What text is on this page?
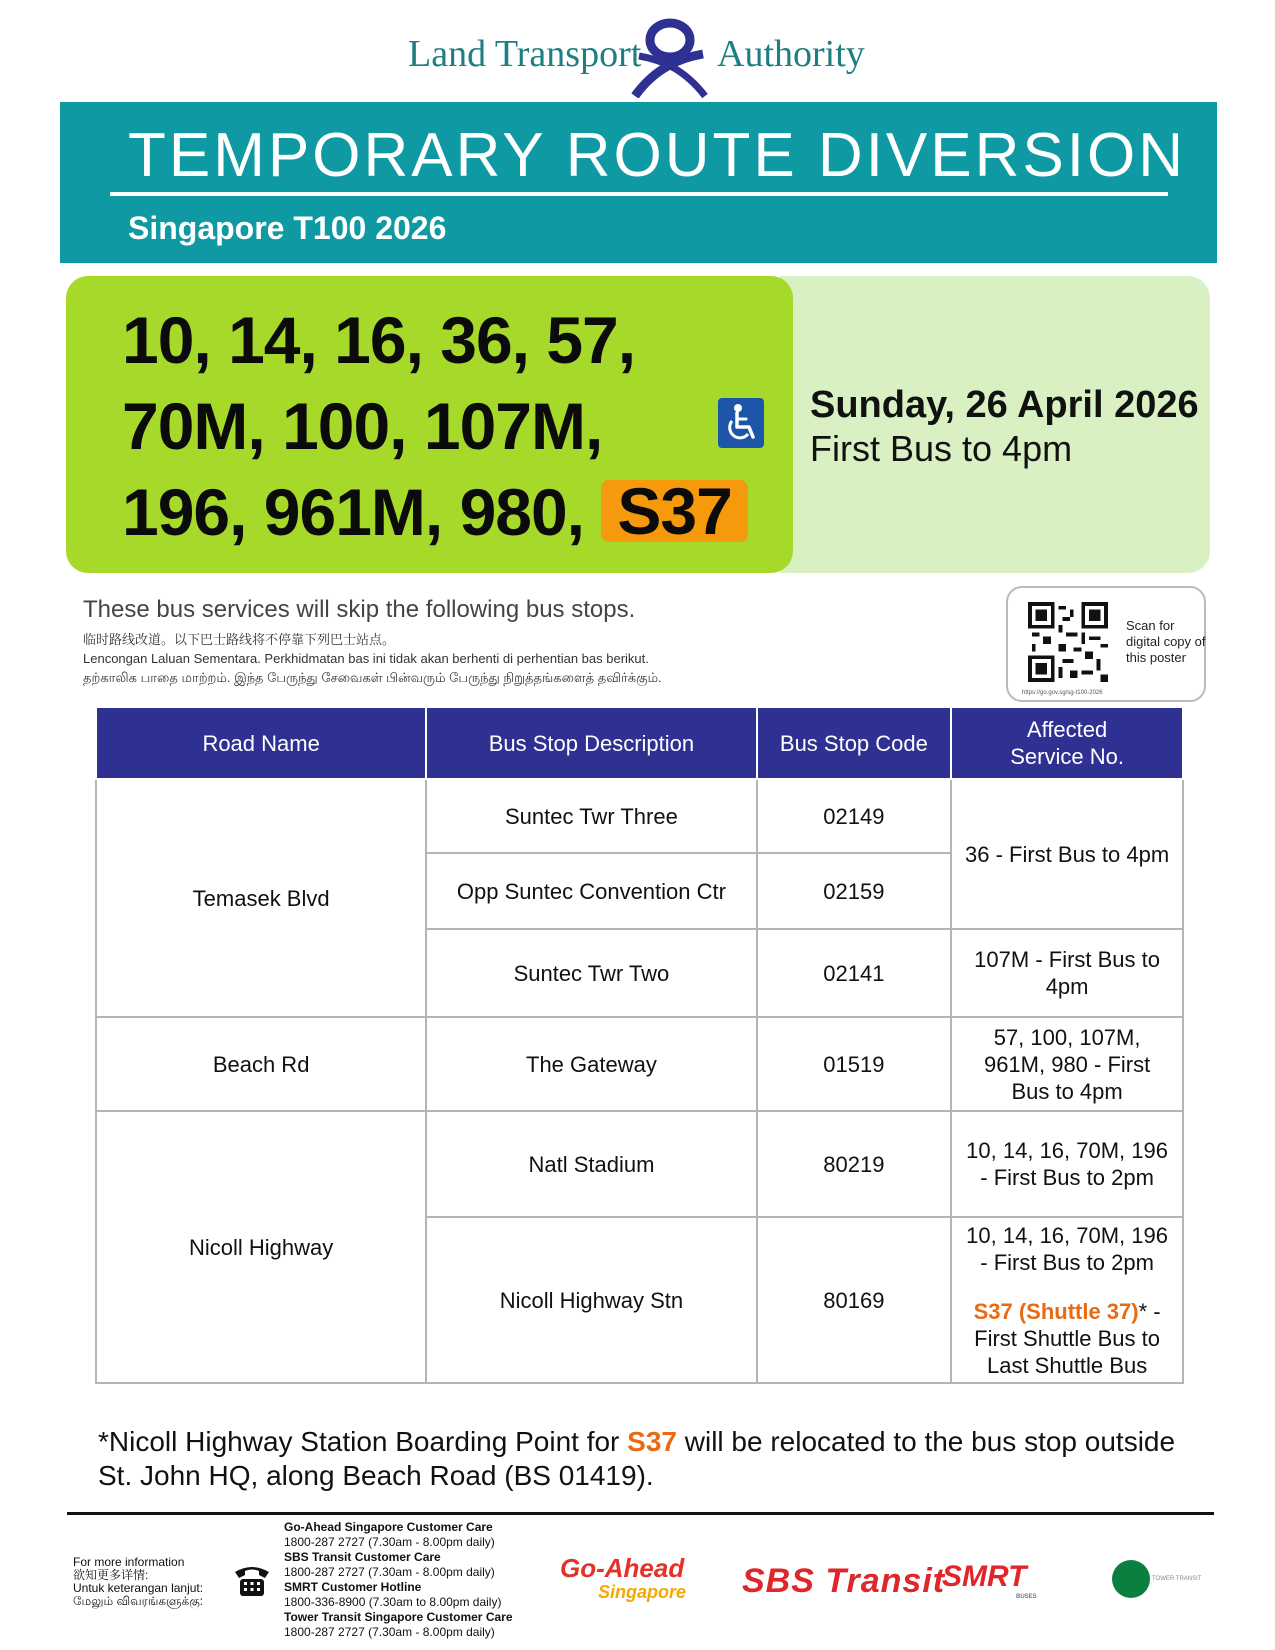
Land Transport Authority
TEMPORARY ROUTE DIVERSION
Singapore T100 2026
Sunday, 26 April 2026
First Bus to 4pm
10, 14, 16, 36, 57,
70M, 100, 107M,
196, 961M, 980, S37
These bus services will skip the following bus stops.
临时路线改道。以下巴士路线将不停靠下列巴士站点。
Lencongan Laluan Sementara. Perkhidmatan bas ini tidak akan berhenti di perhentian bas berikut.
தற்காலிக பாதை மாற்றம். இந்த பேருந்து சேவைகள் பின்வரும் பேருந்து நிறுத்தங்களைத் தவிர்க்கும்.
Scan for digital copy of this poster
https://go.gov.sg/sg-t100-2026
Road Name	Bus Stop Description	Bus Stop Code	Affected Service No.
Temasek Blvd	Suntec Twr Three	02149	36 - First Bus to 4pm
	Opp Suntec Convention Ctr	02159	
	Suntec Twr Two	02141	107M - First Bus to 4pm
Beach Rd	The Gateway	01519	57, 100, 107M, 961M, 980 - First Bus to 4pm
Nicoll Highway	Natl Stadium	80219	10, 14, 16, 70M, 196 - First Bus to 2pm
	Nicoll Highway Stn	80169	10, 14, 16, 70M, 196 - First Bus to 2pm
S37 (Shuttle 37)* - First Shuttle Bus to Last Shuttle Bus
*Nicoll Highway Station Boarding Point for S37 will be relocated to the bus stop outside St. John HQ, along Beach Road (BS 01419).
For more information
欲知更多详情:
Untuk keterangan lanjut:
மேலும் விவரங்களுக்கு:
Go-Ahead Singapore Customer Care
1800-287 2727 (7.30am - 8.00pm daily)
SBS Transit Customer Care
1800-287 2727 (7.30am - 8.00pm daily)
SMRT Customer Hotline
1800-336-8900 (7.30am to 8.00pm daily)
Tower Transit Singapore Customer Care
1800-287 2727 (7.30am - 8.00pm daily)
Go-Ahead
Singapore SBS Transit
SMRT
BUSES
TOWER TRANSIT
